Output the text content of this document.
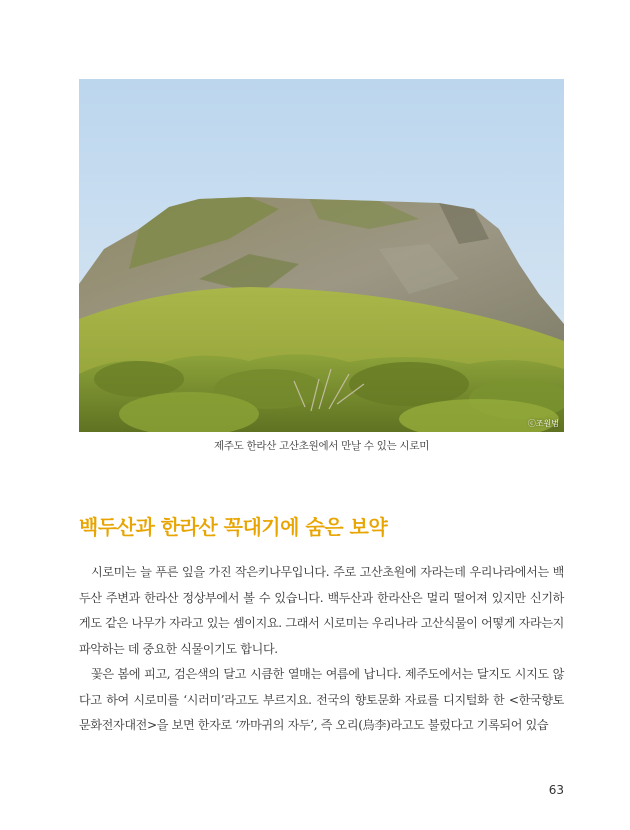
ⓒ조원범
제주도 한라산 고산초원에서 만날 수 있는 시로미
백두산과 한라산 꼭대기에 숨은 보약

시로미는 늘 푸른 잎을 가진 작은키나무입니다. 주로 고산초원에 자라는데 우리나라에서는 백두산 주변과 한라산 정상부에서 볼 수 있습니다. 백두산과 한라산은 멀리 떨어져 있지만 신기하게도 같은 나무가 자라고 있는 셈이지요. 그래서 시로미는 우리나라 고산식물이 어떻게 자라는지 파악하는 데 중요한 식물이기도 합니다.

꽃은 봄에 피고, 검은색의 달고 시큼한 열매는 여름에 납니다. 제주도에서는 달지도 시지도 않다고 하여 시로미를 ‘시러미’라고도 부르지요. 전국의 향토문화 자료를 디지털화 한 <한국향토문화전자대전>을 보면 한자로 ‘까마귀의 자두’, 즉 오리(烏李)라고도 불렀다고 기록되어 있습

63
